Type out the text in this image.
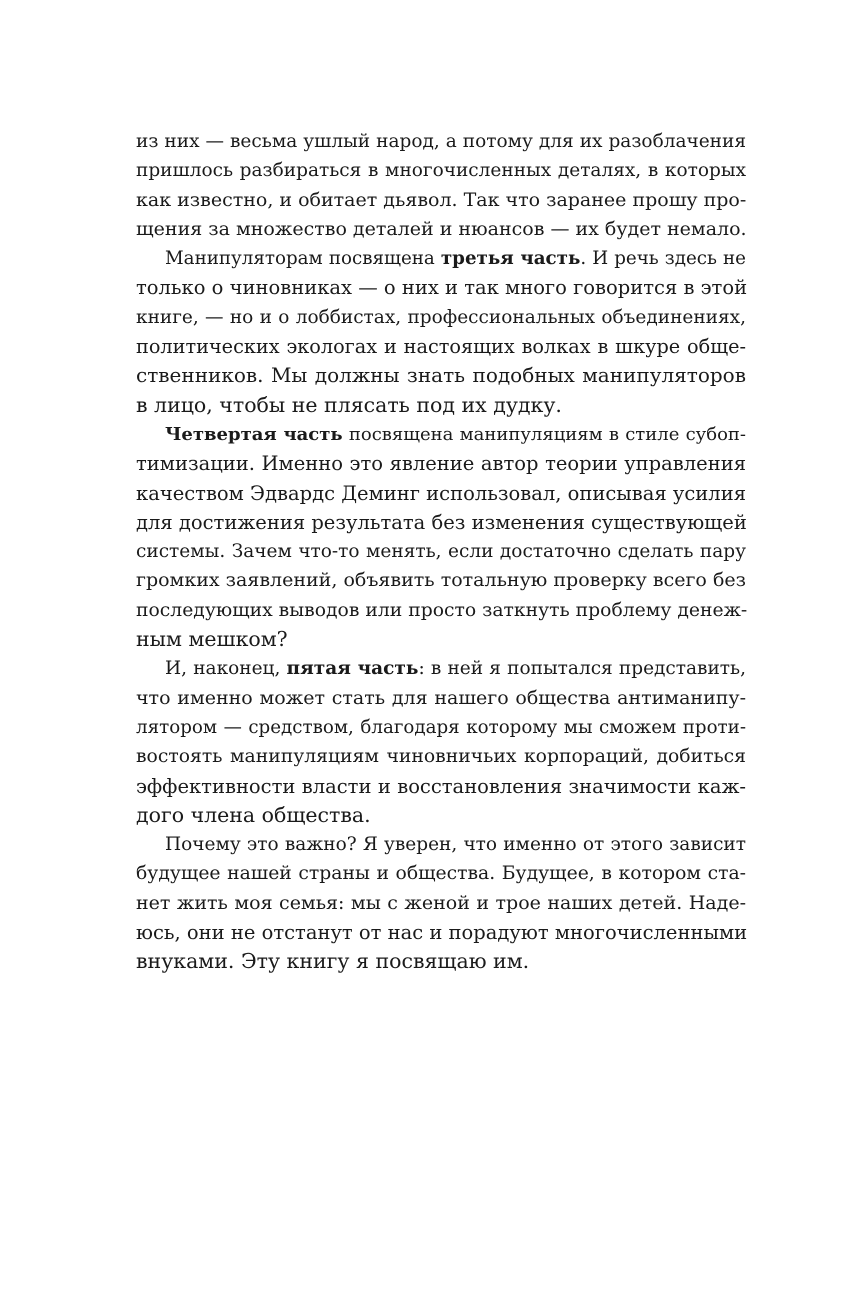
из них — весьма ушлый народ, а потому для их разоблачения
пришлось разбираться в многочисленных деталях, в которых
как известно, и обитает дьявол. Так что заранее прошу про-
щения за множество деталей и нюансов — их будет немало.
Манипуляторам посвящена третья часть. И речь здесь не
только о чиновниках — о них и так много говорится в этой
книге, — но и о лоббистах, профессиональных объединениях,
политических экологах и настоящих волках в шкуре обще-
ственников. Мы должны знать подобных манипуляторов
в лицо, чтобы не плясать под их дудку.
Четвертая часть посвящена манипуляциям в стиле субоп-
тимизации. Именно это явление автор теории управления
качеством Эдвардс Деминг использовал, описывая усилия
для достижения результата без изменения существующей
системы. Зачем что-то менять, если достаточно сделать пару
громких заявлений, объявить тотальную проверку всего без
последующих выводов или просто заткнуть проблему денеж-
ным мешком?
И, наконец, пятая часть: в ней я попытался представить,
что именно может стать для нашего общества антиманипу-
лятором — средством, благодаря которому мы сможем проти-
востоять манипуляциям чиновничьих корпораций, добиться
эффективности власти и восстановления значимости каж-
дого члена общества.
Почему это важно? Я уверен, что именно от этого зависит
будущее нашей страны и общества. Будущее, в котором ста-
нет жить моя семья: мы с женой и трое наших детей. Наде-
юсь, они не отстанут от нас и порадуют многочисленными
внуками. Эту книгу я посвящаю им.
